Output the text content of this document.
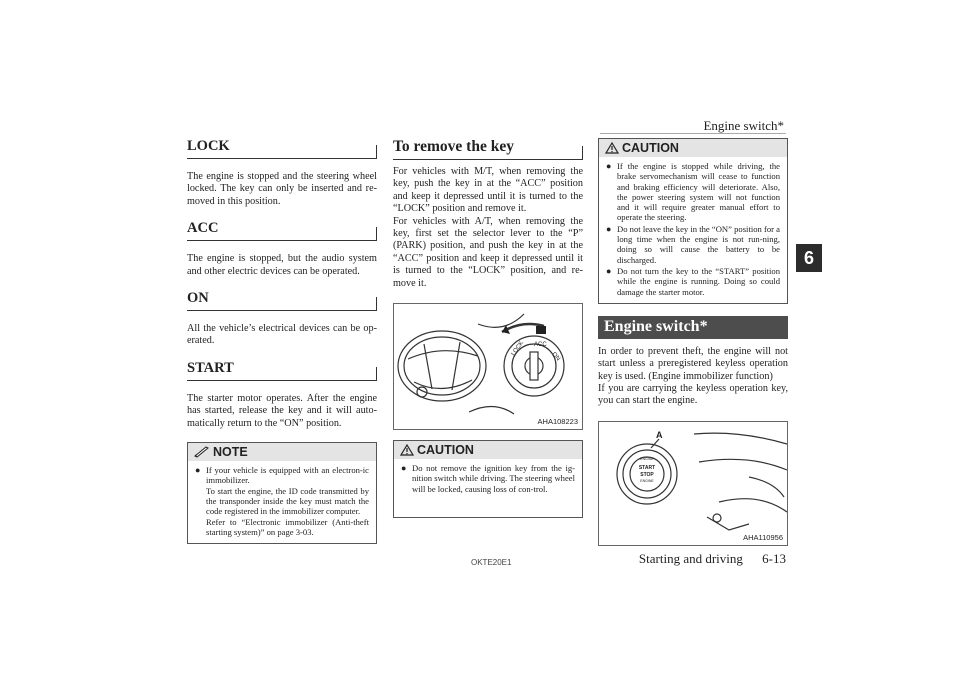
Engine switch*
6
LOCK

The engine is stopped and the steering wheel locked. The key can only be inserted and re-moved in this position.

ACC

The engine is stopped, but the audio system and other electric devices can be operated.

ON

All the vehicle’s electrical devices can be op-erated.

START

The starter motor operates. After the engine has started, release the key and it will auto-matically return to the “ON” position.

NOTE
● If your vehicle is equipped with an electron-ic immobilizer.
To start the engine, the ID code transmitted by the transponder inside the key must match the code registered in the immobilizer computer.
Refer to “Electronic immobilizer (Anti-theft starting system)” on page 3-03.
To remove the key

For vehicles with M/T, when removing the key, push the key in at the “ACC” position and keep it depressed until it is turned to the “LOCK” position and remove it.

For vehicles with A/T, when removing the key, first set the selector lever to the “P” (PARK) position, and push the key in at the “ACC” position and keep it depressed until it is turned to the “LOCK” position, and re-move it.

LOCK ACC
ON
AHA108223
CAUTION
● Do not remove the ignition key from the ig-nition switch while driving. The steering wheel will be locked, causing loss of con-trol.
CAUTION
● If the engine is stopped while driving, the brake servomechanism will cease to function and braking efficiency will deteriorate. Also, the power steering system will not function and it will require greater manual effort to operate the steering.
● Do not leave the key in the “ON” position for a long time when the engine is not run-ning, doing so will cause the battery to be discharged.
● Do not turn the key to the “START” position while the engine is running. Doing so could damage the starter motor.
Engine switch*

In order to prevent theft, the engine will not start unless a preregistered keyless operation key is used. (Engine immobilizer function)

If you are carrying the keyless operation key, you can start the engine.

A
ENGINE
START
STOP
ENGINE
AHA110956
OKTE20E1	Starting and driving 6-13
